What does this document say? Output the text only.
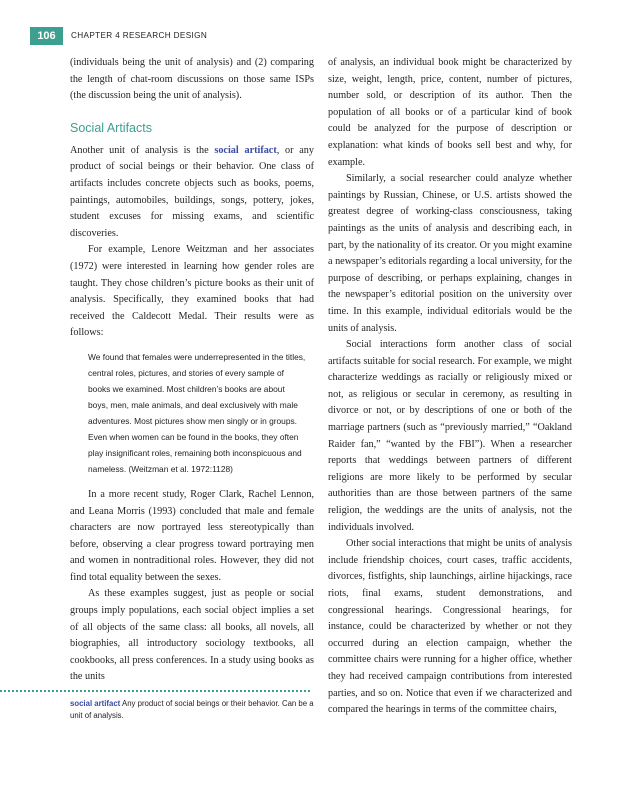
106	CHAPTER 4 RESEARCH DESIGN

(individuals being the unit of analysis) and (2) comparing the length of chat-room discussions on those same ISPs (the discussion being the unit of analysis).

Social Artifacts

Another unit of analysis is the social artifact, or any product of social beings or their behavior. One class of artifacts includes concrete objects such as books, poems, paintings, automobiles, buildings, songs, pottery, jokes, student excuses for missing exams, and scientific discoveries.

For example, Lenore Weitzman and her associates (1972) were interested in learning how gender roles are taught. They chose children’s picture books as their unit of analysis. Specifically, they examined books that had received the Caldecott Medal. Their results were as follows:

We found that females were underrepresented in the titles, central roles, pictures, and stories of every sample of books we examined. Most children’s books are about boys, men, male animals, and deal exclusively with male adventures. Most pictures show men singly or in groups. Even when women can be found in the books, they often play insignificant roles, remaining both inconspicuous and nameless. (Weitzman et al. 1972:1128)

In a more recent study, Roger Clark, Rachel Lennon, and Leana Morris (1993) concluded that male and female characters are now portrayed less stereotypically than before, observing a clear progress toward portraying men and women in nontraditional roles. However, they did not find total equality between the sexes.

As these examples suggest, just as people or social groups imply populations, each social object implies a set of all objects of the same class: all books, all novels, all biographies, all introductory sociology textbooks, all cookbooks, all press conferences. In a study using books as the units

of analysis, an individual book might be characterized by size, weight, length, price, content, number of pictures, number sold, or description of its author. Then the population of all books or of a particular kind of book could be analyzed for the purpose of description or explanation: what kinds of books sell best and why, for example.

Similarly, a social researcher could analyze whether paintings by Russian, Chinese, or U.S. artists showed the greatest degree of working-class consciousness, taking paintings as the units of analysis and describing each, in part, by the nationality of its creator. Or you might examine a newspaper’s editorials regarding a local university, for the purpose of describing, or perhaps explaining, changes in the newspaper’s editorial position on the university over time. In this example, individual editorials would be the units of analysis.

Social interactions form another class of social artifacts suitable for social research. For example, we might characterize weddings as racially or religiously mixed or not, as religious or secular in ceremony, as resulting in divorce or not, or by descriptions of one or both of the marriage partners (such as “previously married,” “Oakland Raider fan,” “wanted by the FBI”). When a researcher reports that weddings between partners of different religions are more likely to be performed by secular authorities than are those between partners of the same religion, the weddings are the units of analysis, not the individuals involved.

Other social interactions that might be units of analysis include friendship choices, court cases, traffic accidents, divorces, fistfights, ship launchings, airline hijackings, race riots, final exams, student demonstrations, and congressional hearings. Congressional hearings, for instance, could be characterized by whether or not they occurred during an election campaign, whether the committee chairs were running for a higher office, whether they had received campaign contributions from interested parties, and so on. Notice that even if we characterized and compared the hearings in terms of the committee chairs,

social artifact Any product of social beings or their behavior. Can be a unit of analysis.
